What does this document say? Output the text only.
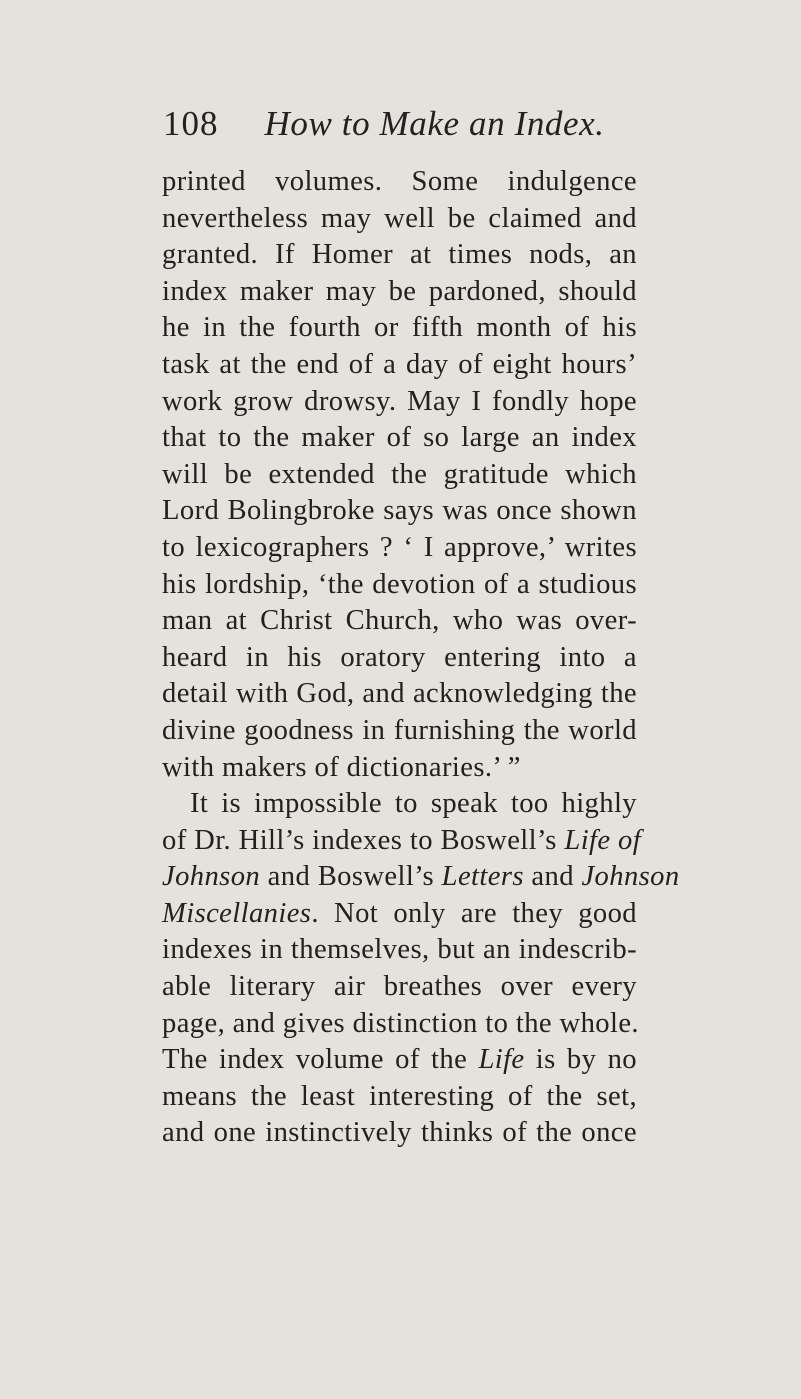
108 How to Make an Index.
printed volumes. Some indulgence
nevertheless may well be claimed and
granted. If Homer at times nods, an
index maker may be pardoned, should
he in the fourth or fifth month of his
task at the end of a day of eight hours’
work grow drowsy. May I fondly hope
that to the maker of so large an index
will be extended the gratitude which
Lord Bolingbroke says was once shown
to lexicographers ? ‘ I approve,’ writes
his lordship, ‘the devotion of a studious
man at Christ Church, who was over-
heard in his oratory entering into a
detail with God, and acknowledging the
divine goodness in furnishing the world
with makers of dictionaries.’ ”
It is impossible to speak too highly
of Dr. Hill’s indexes to Boswell’s Life of
Johnson and Boswell’s Letters and Johnson
Miscellanies. Not only are they good
indexes in themselves, but an indescrib-
able literary air breathes over every
page, and gives distinction to the whole.
The index volume of the Life is by no
means the least interesting of the set,
and one instinctively thinks of the once
